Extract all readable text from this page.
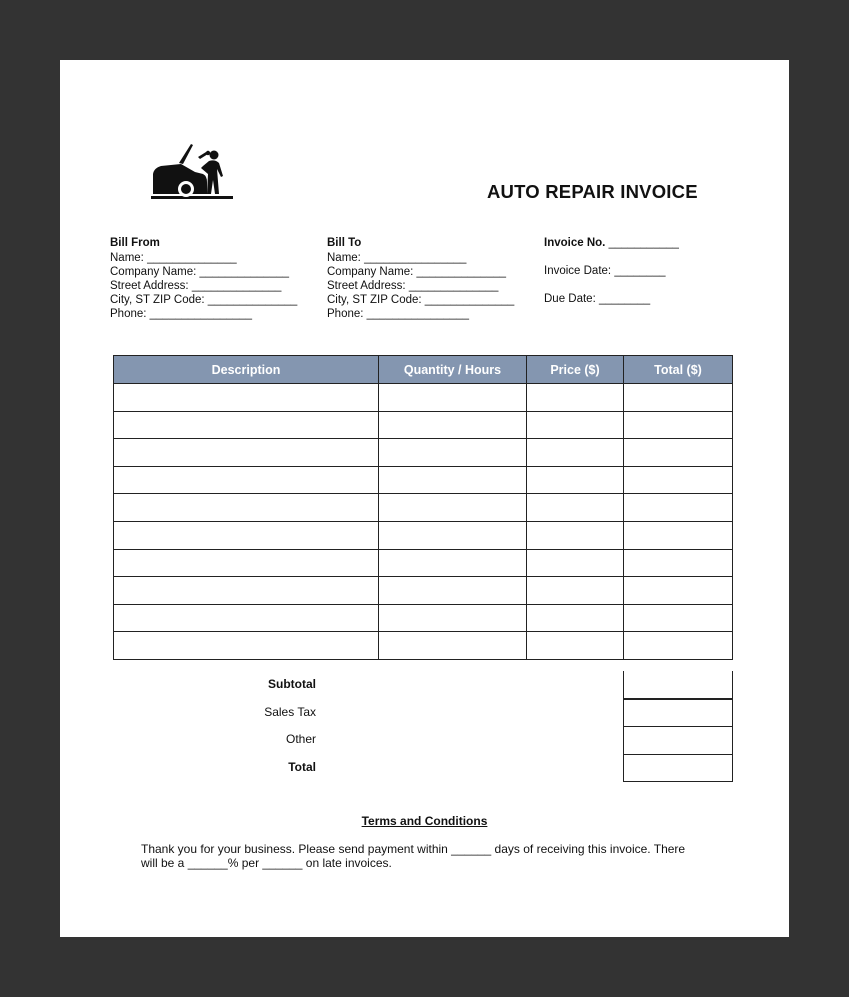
AUTO REPAIR INVOICE
Bill From
Name: ______________
Company Name: ______________
Street Address: ______________
City, ST ZIP Code: ______________
Phone: ________________
Bill To
Name: ________________
Company Name: ______________
Street Address: ______________
City, ST ZIP Code: ______________
Phone: ________________
Invoice No. ___________
Invoice Date: ________
Due Date: ________
Description	Quantity / Hours	Price ($)	Total ($)

Subtotal
Sales Tax
Other
Total
Terms and Conditions
Thank you for your business. Please send payment within ______ days of receiving this invoice. There will be a ______% per ______ on late invoices.
